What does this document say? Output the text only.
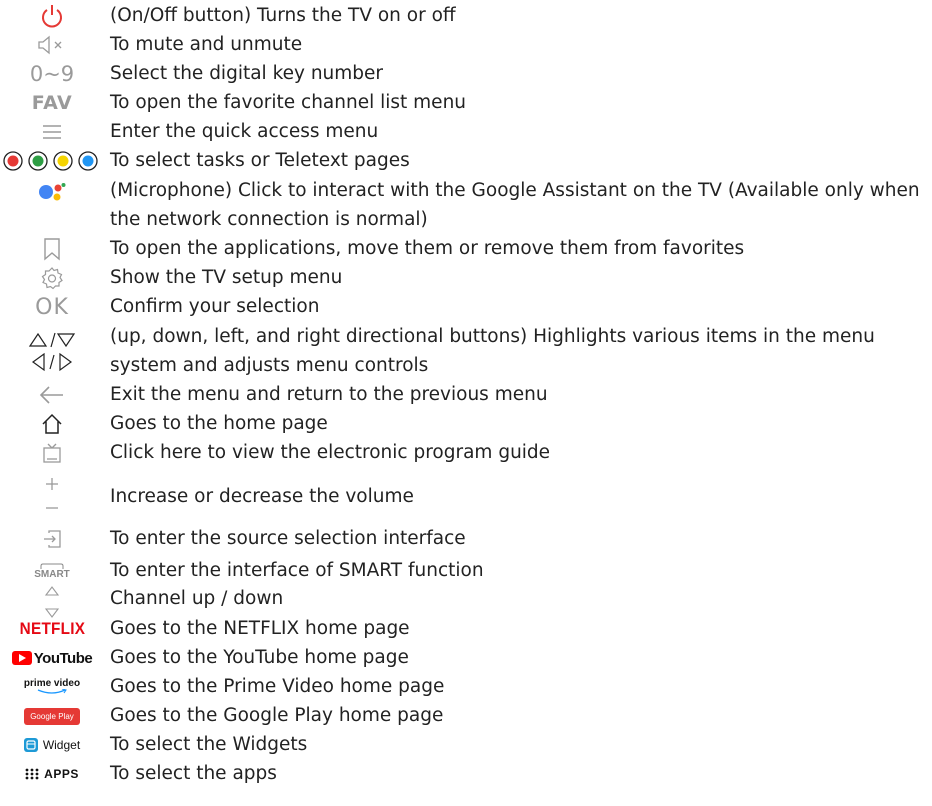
(On/Off button) Turns the TV on or off
To mute and unmute
0~9 Select the digital key number
FAV To open the favorite channel list menu
Enter the quick access menu
To select tasks or Teletext pages
(Microphone) Click to interact with the Google Assistant on the TV (Available only when the network connection is normal)
To open the applications, move them or remove them from favorites
Show the TV setup menu
OK Confirm your selection
(up, down, left, and right directional buttons) Highlights various items in the menu system and adjusts menu controls
Exit the menu and return to the previous menu
Goes to the home page
Click here to view the electronic program guide
Increase or decrease the volume
To enter the source selection interface
SMART To enter the interface of SMART function
Channel up / down
NETFLIX Goes to the NETFLIX home page
YouTube Goes to the YouTube home page
prime video Goes to the Prime Video home page
Google Play	Goes to the Google Play home page
Widget To select the Widgets
APPS To select the apps
